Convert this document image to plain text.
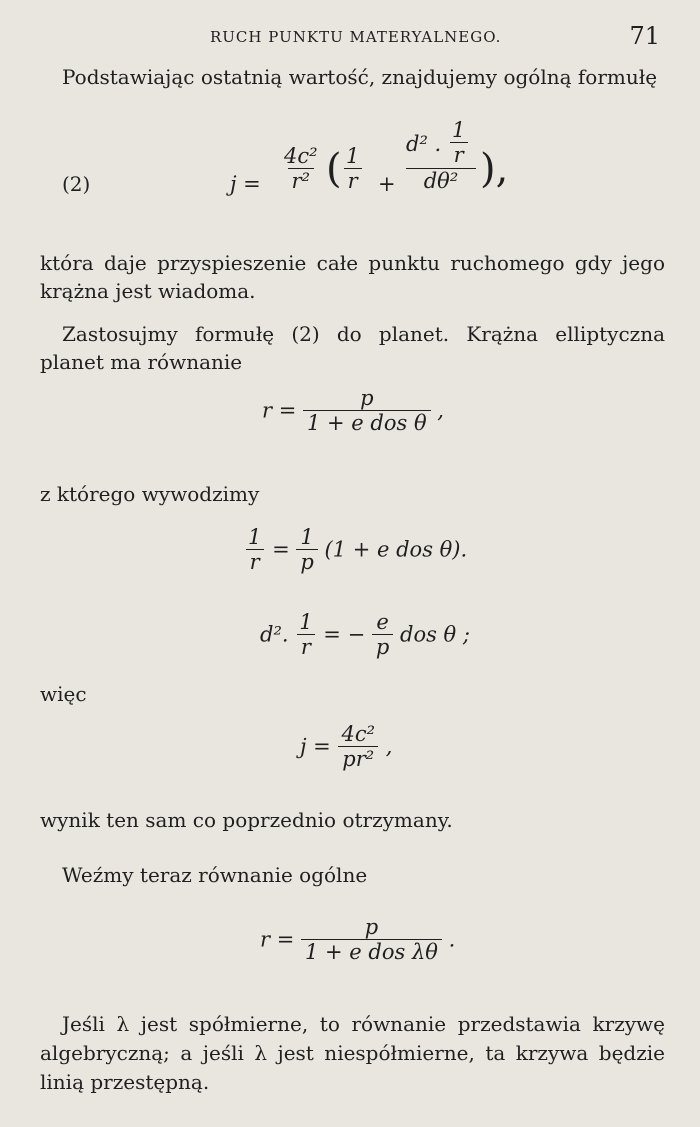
RUCH PUNKTU MATERYALNEGO.	71
Podstawiając ostatnią wartość, znajdujemy ogólną formułę
(2)	$j = \frac{\text{4c²}}{\text{r²}}$ ( $\frac{1}{r}$ +
d² . $\frac{1}{r}$
dθ² ),
która daje przyspieszenie całe punktu ruchomego gdy jego krążna jest wiadoma.
Zastosujmy formułę (2) do planet. Krążna elliptyczna planet ma równanie
$r = \frac{p}{\text{1 + e dos θ}}$ ,
z którego wywodzimy
$\frac{1}{r} = \frac{1}{p} (1 + e$ dos θ).
d². $\frac{1}{r}$ = − $\frac{e}{p}$ dos θ ;
więc
$j = \frac{\text{4c²}}{\text{pr²}}$ ,
wynik ten sam co poprzednio otrzymany.
Weźmy teraz równanie ogólne
$r = \frac{p}{\text{1 + e dos λθ}}$ .
Jeśli λ jest spółmierne, to równanie przedstawia krzywę algebryczną; a jeśli λ jest niespółmierne, ta krzywa będzie linią przestępną.
